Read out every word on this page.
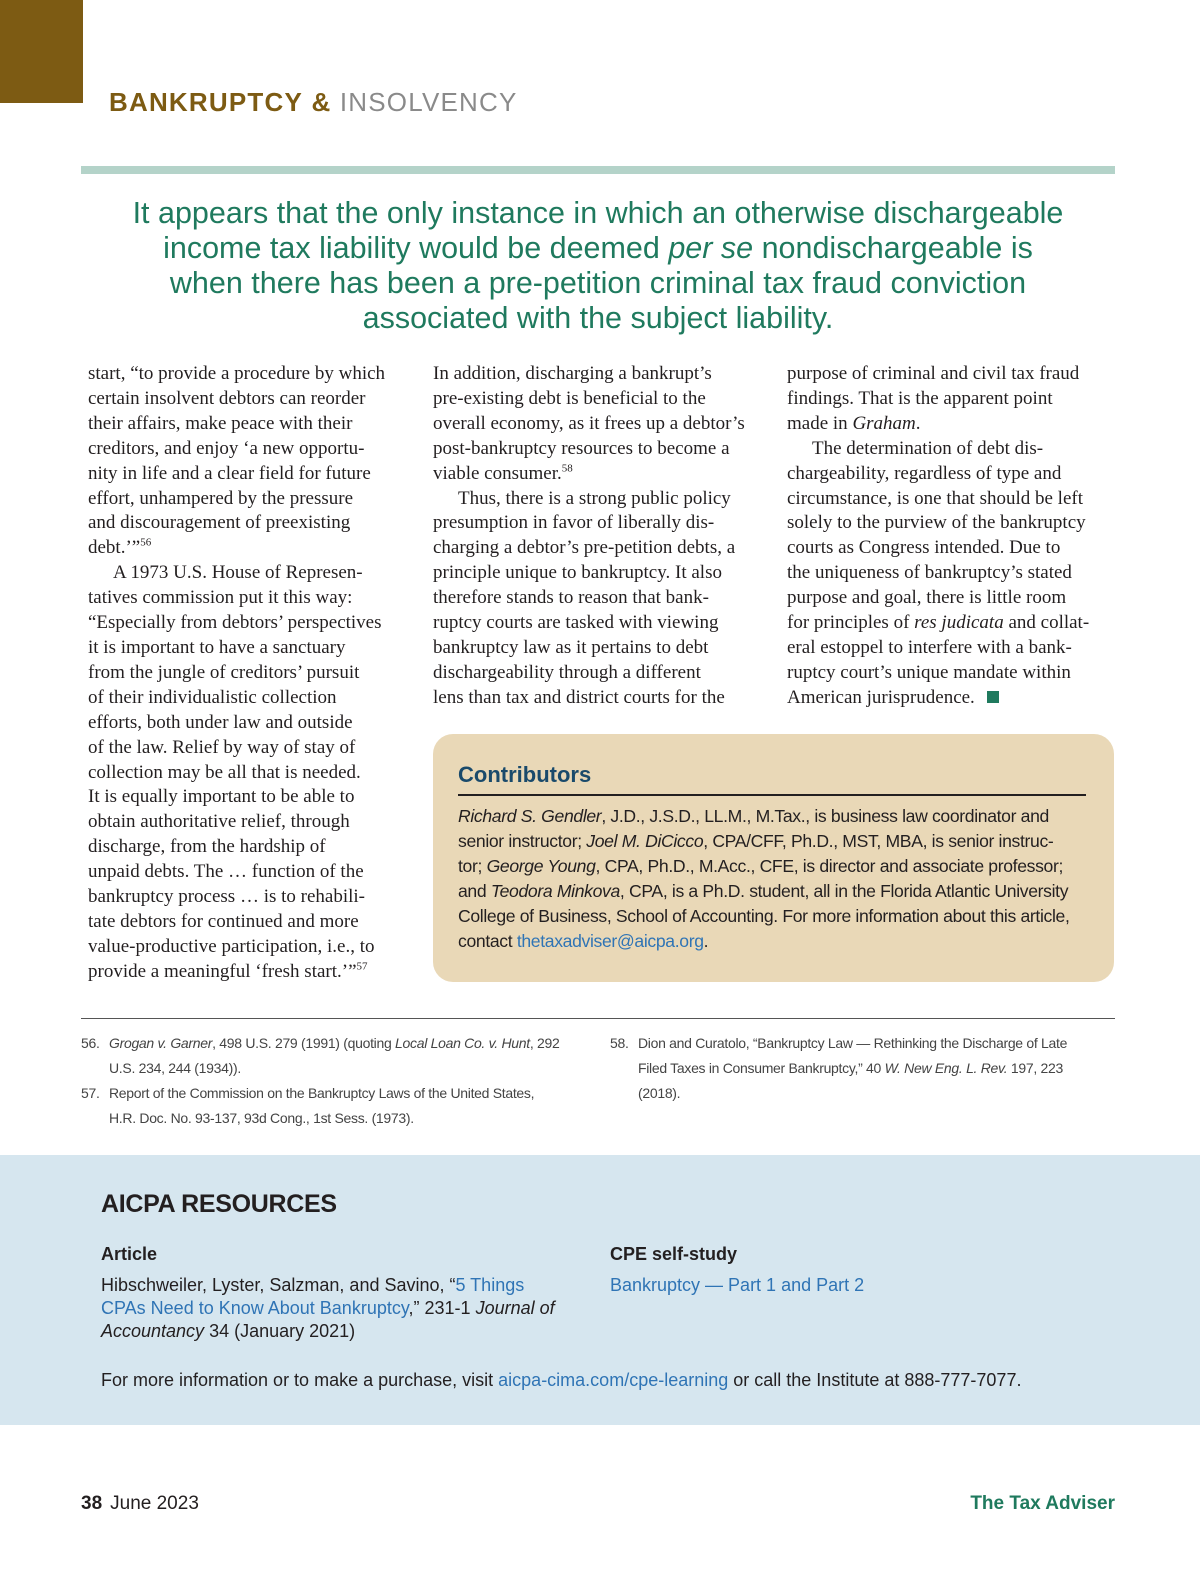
BANKRUPTCY & INSOLVENCY
It appears that the only instance in which an otherwise dischargeable
income tax liability would be deemed per se nondischargeable is
when there has been a pre-petition criminal tax fraud conviction
associated with the subject liability.

start, “to provide a procedure by which
certain insolvent debtors can reorder
their affairs, make peace with their
creditors, and enjoy ‘a new opportu-
nity in life and a clear field for future
effort, unhampered by the pressure
and discouragement of preexisting
debt.’”$^{56}$

A 1973 U.S. House of Represen-
tatives commission put it this way:
“Especially from debtors’ perspectives
it is important to have a sanctuary
from the jungle of creditors’ pursuit
of their individualistic collection
efforts, both under law and outside
of the law. Relief by way of stay of
collection may be all that is needed.
It is equally important to be able to
obtain authoritative relief, through
discharge, from the hardship of
unpaid debts. The … function of the
bankruptcy process … is to rehabili-
tate debtors for continued and more
value-productive participation, i.e., to
provide a meaningful ‘fresh start.’”$^{57}$

In addition, discharging a bankrupt’s
pre-existing debt is beneficial to the
overall economy, as it frees up a debtor’s
post-bankruptcy resources to become a
viable consumer.$^{58}$

Thus, there is a strong public policy
presumption in favor of liberally dis-
charging a debtor’s pre-petition debts, a
principle unique to bankruptcy. It also
therefore stands to reason that bank-
ruptcy courts are tasked with viewing
bankruptcy law as it pertains to debt
dischargeability through a different
lens than tax and district courts for the

purpose of criminal and civil tax fraud
findings. That is the apparent point
made in Graham.

The determination of debt dis-
chargeability, regardless of type and
circumstance, is one that should be left
solely to the purview of the bankruptcy
courts as Congress intended. Due to
the uniqueness of bankruptcy’s stated
purpose and goal, there is little room
for principles of res judicata and collat-
eral estoppel to interfere with a bank-
ruptcy court’s unique mandate within
American jurisprudence.

Contributors
Richard S. Gendler, J.D., J.S.D., LL.M., M.Tax., is business law coordinator and
senior instructor; Joel M. DiCicco, CPA/CFF, Ph.D., MST, MBA, is senior instruc-
tor; George Young, CPA, Ph.D., M.Acc., CFE, is director and associate professor;
and Teodora Minkova, CPA, is a Ph.D. student, all in the Florida Atlantic University
College of Business, School of Accounting. For more information about this article,
contact thetaxadviser@aicpa.org.
56. Grogan v. Garner, 498 U.S. 279 (1991) (quoting Local Loan Co. v. Hunt, 292
U.S. 234, 244 (1934)).
57. Report of the Commission on the Bankruptcy Laws of the United States,
H.R. Doc. No. 93-137, 93d Cong., 1st Sess. (1973).
58. Dion and Curatolo, “Bankruptcy Law — Rethinking the Discharge of Late
Filed Taxes in Consumer Bankruptcy,” 40 W. New Eng. L. Rev. 197, 223
(2018).
AICPA RESOURCES
Article
Hibschweiler, Lyster, Salzman, and Savino, “5 Things
CPAs Need to Know About Bankruptcy,” 231-1 Journal of
Accountancy 34 (January 2021)
CPE self-study
Bankruptcy — Part 1 and Part 2
For more information or to make a purchase, visit aicpa-cima.com/cpe-learning or call the Institute at 888-777-7077.
38 June 2023	The Tax Adviser
